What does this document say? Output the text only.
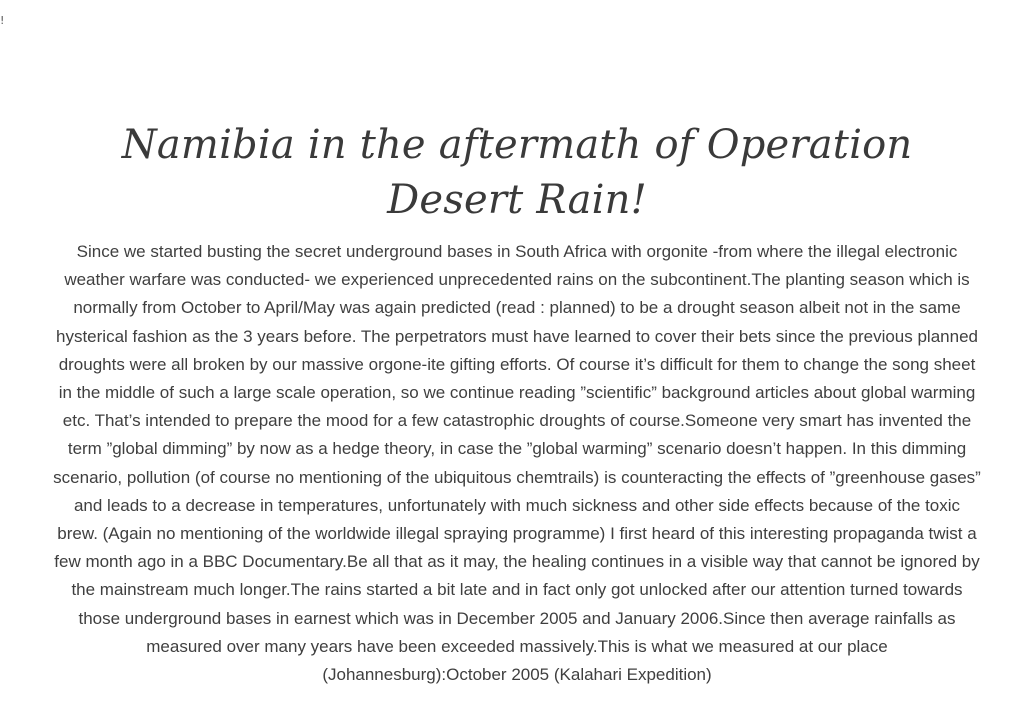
!
Namibia in the aftermath of Operation Desert Rain!

Since we started busting the secret underground bases in South Africa with orgonite -from where the illegal electronic weather warfare was conducted- we experienced unprecedented rains on the subcontinent.The planting season which is normally from October to April/May was again predicted (read : planned) to be a drought season albeit not in the same hysterical fashion as the 3 years before. The perpetrators must have learned to cover their bets since the previous planned droughts were all broken by our massive orgone-ite gifting efforts. Of course it’s difficult for them to change the song sheet in the middle of such a large scale operation, so we continue reading ”scientific” background articles about global warming etc. That’s intended to prepare the mood for a few catastrophic droughts of course.Someone very smart has invented the term ”global dimming” by now as a hedge theory, in case the ”global warming” scenario doesn’t happen. In this dimming scenario, pollution (of course no mentioning of the ubiquitous chemtrails) is counteracting the effects of ”greenhouse gases” and leads to a decrease in temperatures, unfortunately with much sickness and other side effects because of the toxic brew. (Again no mentioning of the worldwide illegal spraying programme) I first heard of this interesting propaganda twist a few month ago in a BBC Documentary.Be all that as it may, the healing continues in a visible way that cannot be ignored by the mainstream much longer.The rains started a bit late and in fact only got unlocked after our attention turned towards those underground bases in earnest which was in December 2005 and January 2006.Since then average rainfalls as measured over many years have been exceeded massively.This is what we measured at our place (Johannesburg):October 2005 (Kalahari Expedition)
